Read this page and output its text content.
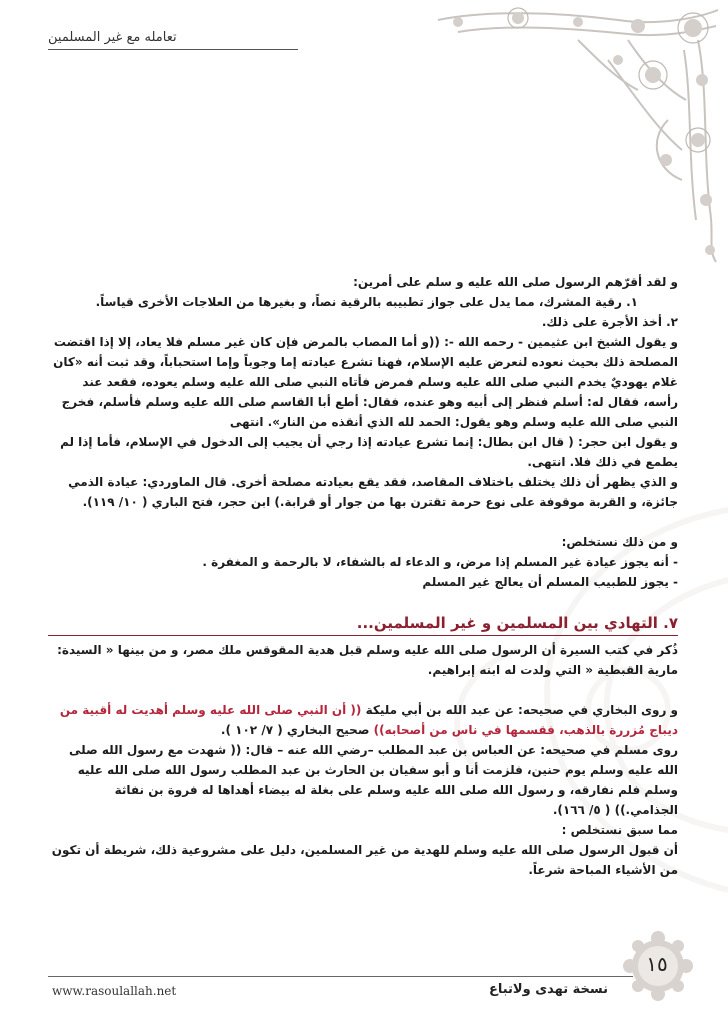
تعامله مع غير المسلمين

و لقد أقرّهم الرسول صلى الله عليه و سلم على أمرين:

١. رقية المشرك، مما يدل على جواز تطبيبه بالرقية نصاً، و بغيرها من العلاجات الأخرى قياساً.

٢. أخذ الأجرة على ذلك.

و يقول الشيخ ابن عثيمين - رحمه الله -: ((و أما المصاب بالمرض فإن كان غير مسلم فلا يعاد، إلا إذا اقتضت المصلحة ذلك بحيث نعوده لنعرض عليه الإسلام، فهنا تشرع عيادته إما وجوباً وإما استحباباً، وقد ثبت أنه «كان غلام يهوديٌ يخدم النبي صلى الله عليه وسلم فمرض فأتاه النبي صلى الله عليه وسلم يعوده، فقعد عند رأسه، فقال له: أسلم فنظر إلى أبيه وهو عنده، فقال: أطع أبا القاسم صلى الله عليه وسلم فأسلم، فخرج النبي صلى الله عليه وسلم وهو يقول: الحمد لله الذي أنقذه من النار». انتهى

و يقول ابن حجر: ( قال ابن بطال: إنما تشرع عيادته إذا رجي أن يجيب إلى الدخول في الإسلام، فأما إذا لم يطمع في ذلك فلا. انتهى.

و الذي يظهر أن ذلك يختلف باختلاف المقاصد، فقد يقع بعيادته مصلحة أخرى. قال الماوردي: عيادة الذمي جائزة، و القربة موقوفة على نوع حرمة تقترن بها من جوار أو قرابة.) ابن حجر، فتح الباري ( ١٠/ ١١٩).

و من ذلك نستخلص:

- أنه يجوز عيادة غير المسلم إذا مرض، و الدعاء له بالشفاء، لا بالرحمة و المغفرة .

- يجوز للطبيب المسلم أن يعالج غير المسلم

٧. التهادي بين المسلمين و غير المسلمين...

ذُكر في كتب السيرة أن الرسول صلى الله عليه وسلم قبل هدية المقوقس ملك مصر، و من بينها « السيدة: مارية القبطية « التي ولدت له ابنه إبراهيم.

و روى البخاري في صحيحه: عن عبد الله بن أبي مليكة (( أن النبي صلى الله عليه وسلم أهديت له أقبية من ديباج مُزررة بالذهب، فقسمها في ناس من أصحابه)) صحيح البخاري ( ٧/ ١٠٢ ).

روى مسلم في صحيحه: عن العباس بن عبد المطلب –رضي الله عنه – قال: (( شهدت مع رسول الله صلى الله عليه وسلم يوم حنين، فلزمت أنا و أبو سفيان بن الحارث بن عبد المطلب رسول الله صلى الله عليه وسلم فلم نفارقه، و رسول الله صلى الله عليه وسلم على بغلة له بيضاء أهداها له فروة بن نفاثة الجذامي.)) ( ٥/ ١٦٦).

مما سبق نستخلص :

أن قبول الرسول صلى الله عليه وسلم للهدية من غير المسلمين، دليل على مشروعية ذلك، شريطة أن تكون من الأشياء المباحة شرعاً.

www.rasoulallah.net	نسخة تهدى ولاتباع
١٥
